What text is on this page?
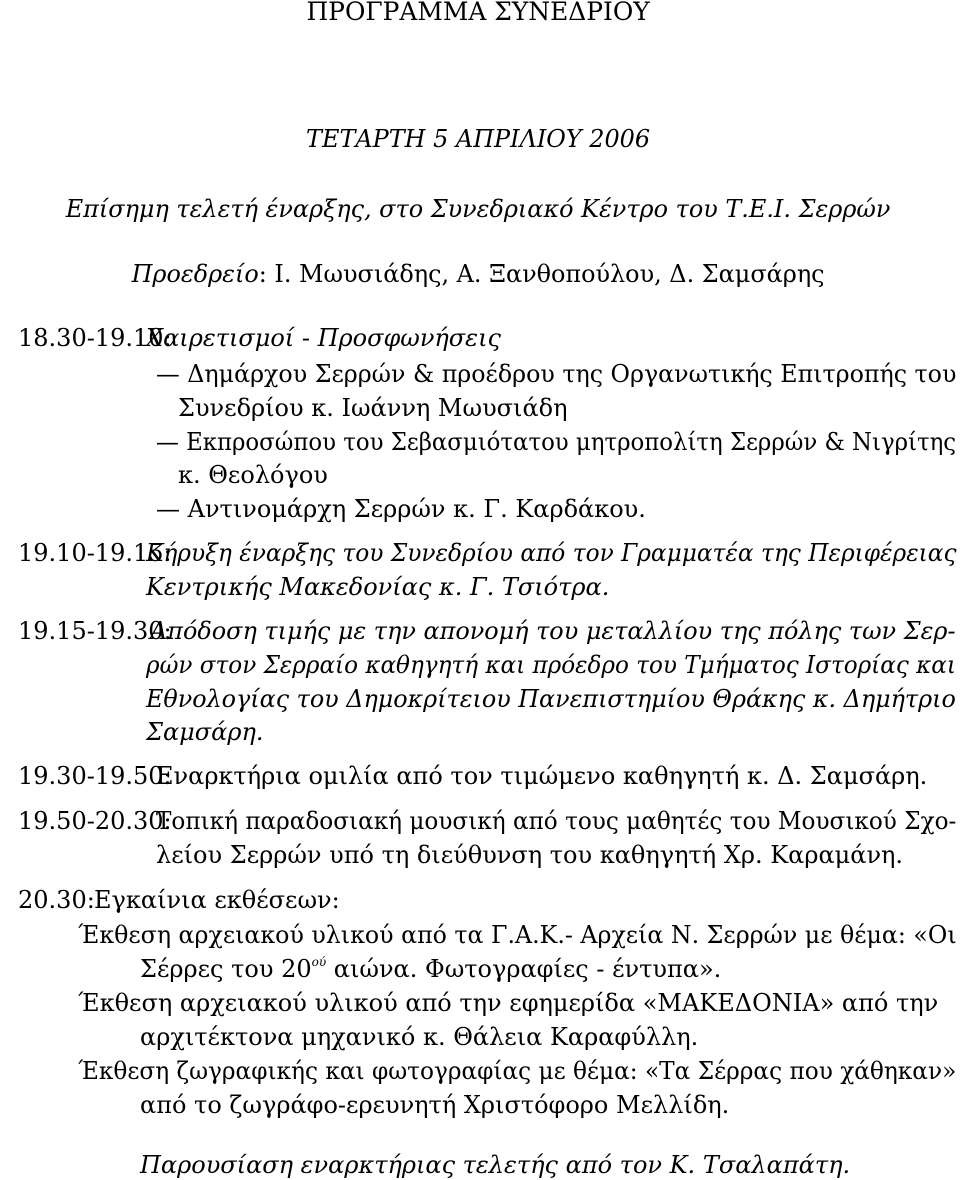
ΠΡΟΓΡΑΜΜΑ ΣΥΝΕΔΡΙΟΥ
ΤΕΤΑΡΤΗ 5 ΑΠΡΙΛΙΟΥ 2006
Επίσημη τελετή έναρξης, στο Συνεδριακό Κέντρο του Τ.Ε.Ι. Σερρών
Προεδρείο: Ι. Μωυσιάδης, Α. Ξανθοπούλου, Δ. Σαμσάρης
18.30-19.10:
Χαιρετισμοί - Προσφωνήσεις
— Δημάρχου Σερρών & προέδρου της Οργανωτικής Επιτροπής του
Συνεδρίου κ. Ιωάννη Μωυσιάδη
— Εκπροσώπου του Σεβασμιότατου μητροπολίτη Σερρών & Νιγρίτης
κ. Θεολόγου
— Αντινομάρχη Σερρών κ. Γ. Καρδάκου.
19.10-19.15:
Κήρυξη έναρξης του Συνεδρίου από τον Γραμματέα της Περιφέρειας
Κεντρικής Μακεδονίας κ. Γ. Τσιότρα.
19.15-19.30:
Απόδοση τιμής με την απονομή του μεταλλίου της πόλης των Σερ-
ρών στον Σερραίο καθηγητή και πρόεδρο του Τμήματος Ιστορίας και
Εθνολογίας του Δημοκρίτειου Πανεπιστημίου Θράκης κ. Δημήτριο
Σαμσάρη.
19.30-19.50:
Εναρκτήρια ομιλία από τον τιμώμενο καθηγητή κ. Δ. Σαμσάρη.
19.50-20.30:
Τοπική παραδοσιακή μουσική από τους μαθητές του Μουσικού Σχο-
λείου Σερρών υπό τη διεύθυνση του καθηγητή Χρ. Καραμάνη.
20.30: Εγκαίνια εκθέσεων:
Έκθεση αρχειακού υλικού από τα Γ.Α.Κ.- Αρχεία Ν. Σερρών με θέμα: «Οι
Σέρρες του $20^{oύ}$ αιώνα. Φωτογραφίες - έντυπα».
Έκθεση αρχειακού υλικού από την εφημερίδα «ΜΑΚΕΔΟΝΙΑ» από την
αρχιτέκτονα μηχανικό κ. Θάλεια Καραφύλλη.
Έκθεση ζωγραφικής και φωτογραφίας με θέμα: «Τα Σέρρας που χάθηκαν»
από το ζωγράφο-ερευνητή Χριστόφορο Μελλίδη.
Παρουσίαση εναρκτήριας τελετής από τον Κ. Τσαλαπάτη.
